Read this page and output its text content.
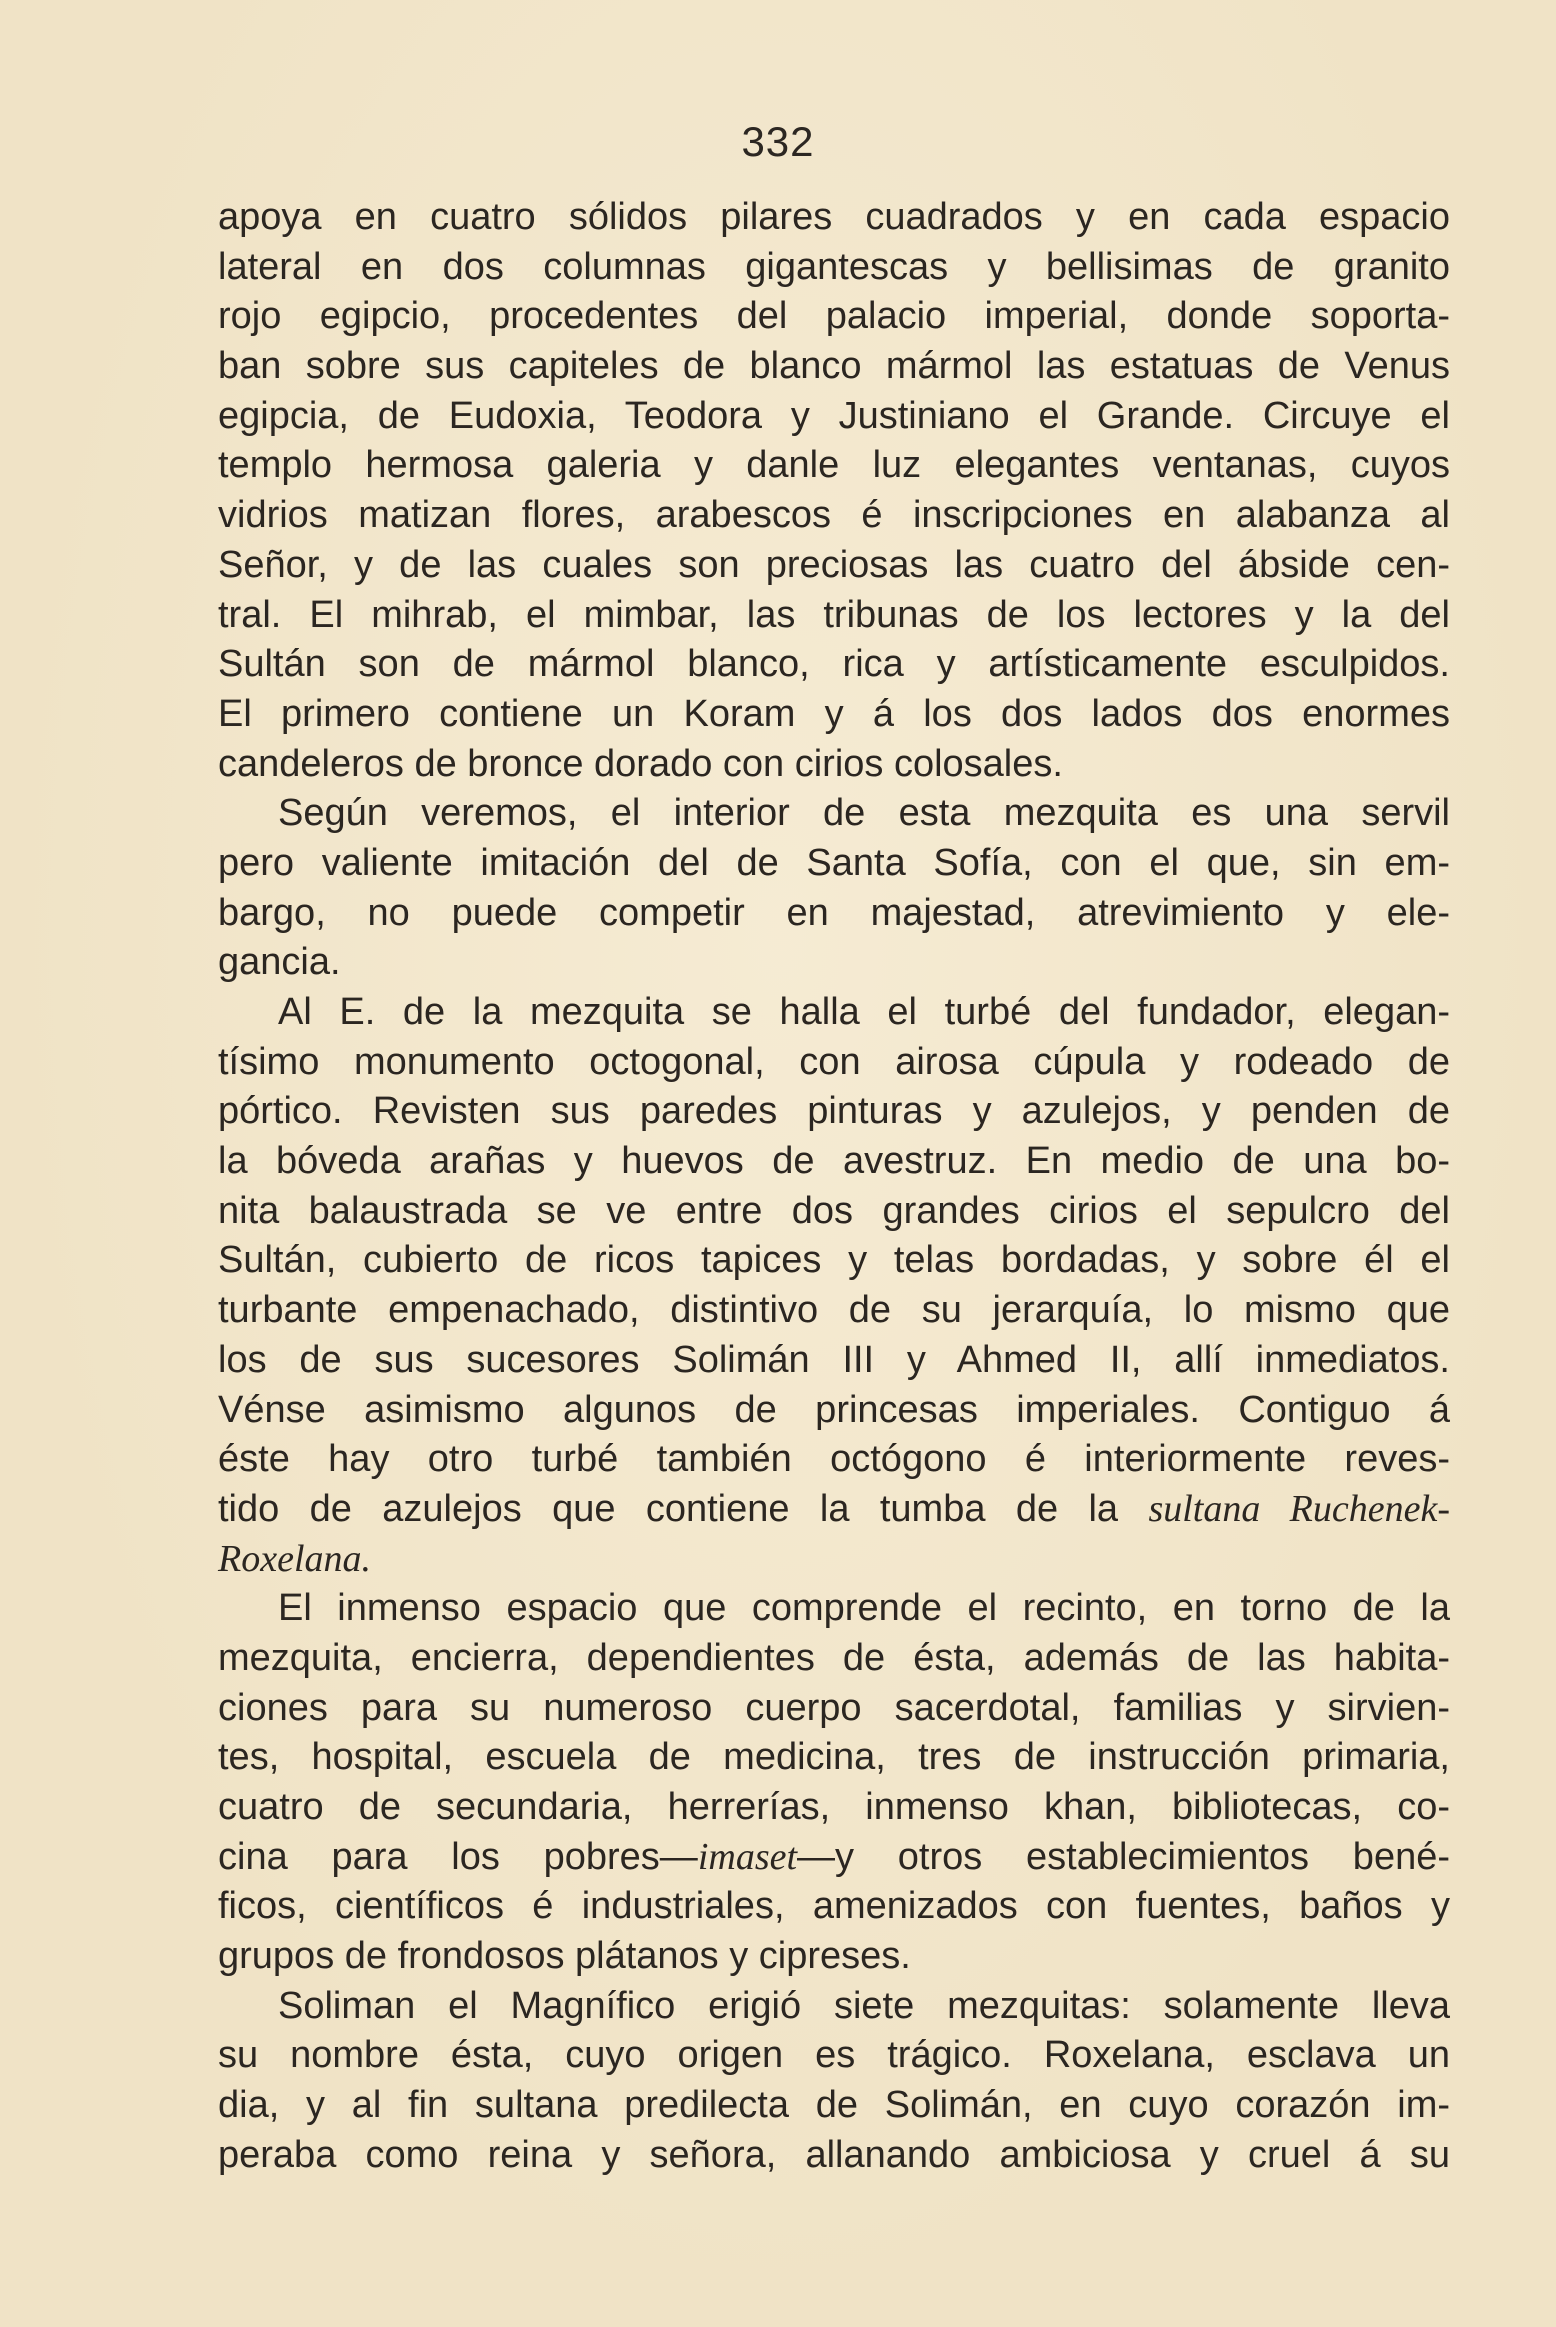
332
apoya en cuatro sólidos pilares cuadrados y en cada espacio
lateral en dos columnas gigantescas y bellisimas de granito
rojo egipcio, procedentes del palacio imperial, donde soporta-
ban sobre sus capiteles de blanco mármol las estatuas de Venus
egipcia, de Eudoxia, Teodora y Justiniano el Grande. Circuye el
templo hermosa galeria y danle luz elegantes ventanas, cuyos
vidrios matizan flores, arabescos é inscripciones en alabanza al
Señor, y de las cuales son preciosas las cuatro del ábside cen-
tral. El mihrab, el mimbar, las tribunas de los lectores y la del
Sultán son de mármol blanco, rica y artísticamente esculpidos.
El primero contiene un Koram y á los dos lados dos enormes
candeleros de bronce dorado con cirios colosales.
Según veremos, el interior de esta mezquita es una servil
pero valiente imitación del de Santa Sofía, con el que, sin em-
bargo, no puede competir en majestad, atrevimiento y ele-
gancia.
Al E. de la mezquita se halla el turbé del fundador, elegan-
tísimo monumento octogonal, con airosa cúpula y rodeado de
pórtico. Revisten sus paredes pinturas y azulejos, y penden de
la bóveda arañas y huevos de avestruz. En medio de una bo-
nita balaustrada se ve entre dos grandes cirios el sepulcro del
Sultán, cubierto de ricos tapices y telas bordadas, y sobre él el
turbante empenachado, distintivo de su jerarquía, lo mismo que
los de sus sucesores Solimán III y Ahmed II, allí inmediatos.
Vénse asimismo algunos de princesas imperiales. Contiguo á
éste hay otro turbé también octógono é interiormente reves-
tido de azulejos que contiene la tumba de la sultana Ruchenek-
Roxelana.
El inmenso espacio que comprende el recinto, en torno de la
mezquita, encierra, dependientes de ésta, además de las habita-
ciones para su numeroso cuerpo sacerdotal, familias y sirvien-
tes, hospital, escuela de medicina, tres de instrucción primaria,
cuatro de secundaria, herrerías, inmenso khan, bibliotecas, co-
cina para los pobres—imaset—y otros establecimientos bené-
ficos, científicos é industriales, amenizados con fuentes, baños y
grupos de frondosos plátanos y cipreses.
Soliman el Magnífico erigió siete mezquitas: solamente lleva
su nombre ésta, cuyo origen es trágico. Roxelana, esclava un
dia, y al fin sultana predilecta de Solimán, en cuyo corazón im-
peraba como reina y señora, allanando ambiciosa y cruel á su
